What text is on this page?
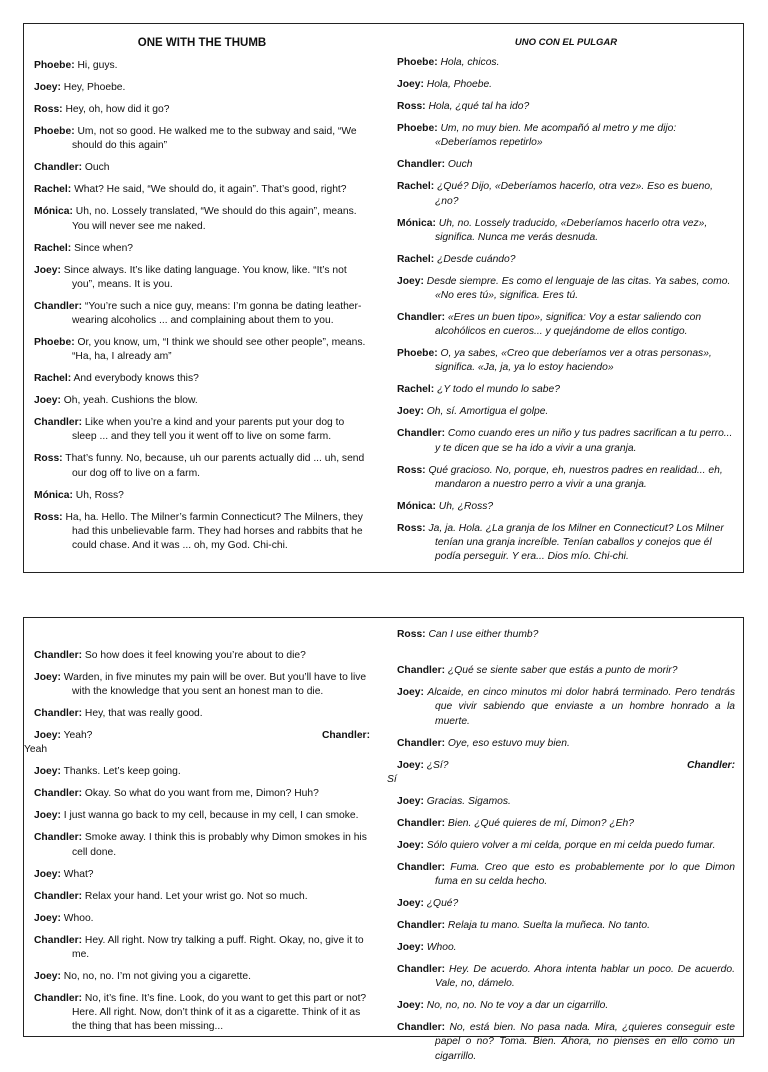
ONE WITH THE THUMB

Phoebe: Hi, guys.

Joey: Hey, Phoebe.

Ross: Hey, oh, how did it go?

Phoebe: Um, not so good. He walked me to the subway and said, “We should do this again”

Chandler: Ouch

Rachel: What? He said, “We should do, it again”. That’s good, right?

Mónica: Uh, no. Lossely translated, “We should do this again”, means. You will never see me naked.

Rachel: Since when?

Joey: Since always. It’s like dating language. You know, like. “It’s not you”, means. It is you.

Chandler: “You’re such a nice guy, means: I’m gonna be dating leather-wearing alcoholics ... and complaining about them to you.

Phoebe: Or, you know, um, “I think we should see other people”, means. “Ha, ha, I already am”

Rachel: And everybody knows this?

Joey: Oh, yeah. Cushions the blow.

Chandler: Like when you’re a kind and your parents put your dog to sleep ... and they tell you it went off to live on some farm.

Ross: That’s funny. No, because, uh our parents actually did ... uh, send our dog off to live on a farm.

Mónica: Uh, Ross?

Ross: Ha, ha. Hello. The Milner’s farmin Connecticut? The Milners, they had this unbelievable farm. They had horses and rabbits that he could chase. And it was ... oh, my God. Chi-chi.

UNO CON EL PULGAR

Phoebe: Hola, chicos.

Joey: Hola, Phoebe.

Ross: Hola, ¿qué tal ha ido?

Phoebe: Um, no muy bien. Me acompañó al metro y me dijo: «Deberíamos repetirlo»

Chandler: Ouch

Rachel: ¿Qué? Dijo, «Deberíamos hacerlo, otra vez». Eso es bueno, ¿no?

Mónica: Uh, no. Lossely traducido, «Deberíamos hacerlo otra vez», significa. Nunca me verás desnuda.

Rachel: ¿Desde cuándo?

Joey: Desde siempre. Es como el lenguaje de las citas. Ya sabes, como. «No eres tú», significa. Eres tú.

Chandler: «Eres un buen tipo», significa: Voy a estar saliendo con alcohólicos en cueros... y quejándome de ellos contigo.

Phoebe: O, ya sabes, «Creo que deberíamos ver a otras personas», significa. «Ja, ja, ya lo estoy haciendo»

Rachel: ¿Y todo el mundo lo sabe?

Joey: Oh, sí. Amortigua el golpe.

Chandler: Como cuando eres un niño y tus padres sacrifican a tu perro... y te dicen que se ha ido a vivir a una granja.

Ross: Qué gracioso. No, porque, eh, nuestros padres en realidad... eh, mandaron a nuestro perro a vivir a una granja.

Mónica: Uh, ¿Ross?

Ross: Ja, ja. Hola. ¿La granja de los Milner en Connecticut? Los Milner tenían una granja increíble. Tenían caballos y conejos que él podía perseguir. Y era... Dios mío. Chi-chi.

Chandler: So how does it feel knowing you’re about to die?

Joey: Warden, in five minutes my pain will be over. But you’ll have to live with the knowledge that you sent an honest man to die.

Chandler: Hey, that was really good.

Joey: Yeah?	Chandler:
Yeah

Joey: Thanks. Let’s keep going.

Chandler: Okay. So what do you want from me, Dimon? Huh?

Joey: I just wanna go back to my cell, because in my cell, I can smoke.

Chandler: Smoke away. I think this is probably why Dimon smokes in his cell done.

Joey: What?

Chandler: Relax your hand. Let your wrist go. Not so much.

Joey: Whoo.

Chandler: Hey. All right. Now try talking a puff. Right. Okay, no, give it to me.

Joey: No, no, no. I’m not giving you a cigarette.

Chandler: No, it’s fine. It’s fine. Look, do you want to get this part or not? Here. All right. Now, don’t think of it as a cigarette. Think of it as the thing that has been missing...

Ross: Can I use either thumb?

Chandler: ¿Qué se siente saber que estás a punto de morir?

Joey: Alcaide, en cinco minutos mi dolor habrá terminado. Pero tendrás que vivir sabiendo que enviaste a un hombre honrado a la muerte.

Chandler: Oye, eso estuvo muy bien.

Joey: ¿Sí?	Chandler:
Sí

Joey: Gracias. Sigamos.

Chandler: Bien. ¿Qué quieres de mí, Dimon? ¿Eh?

Joey: Sólo quiero volver a mi celda, porque en mi celda puedo fumar.

Chandler: Fuma. Creo que esto es probablemente por lo que Dimon fuma en su celda hecho.

Joey: ¿Qué?

Chandler: Relaja tu mano. Suelta la muñeca. No tanto.

Joey: Whoo.

Chandler: Hey. De acuerdo. Ahora intenta hablar un poco. De acuerdo. Vale, no, dámelo.

Joey: No, no, no. No te voy a dar un cigarrillo.

Chandler: No, está bien. No pasa nada. Mira, ¿quieres conseguir este papel o no? Toma. Bien. Ahora, no pienses en ello como un cigarrillo.
